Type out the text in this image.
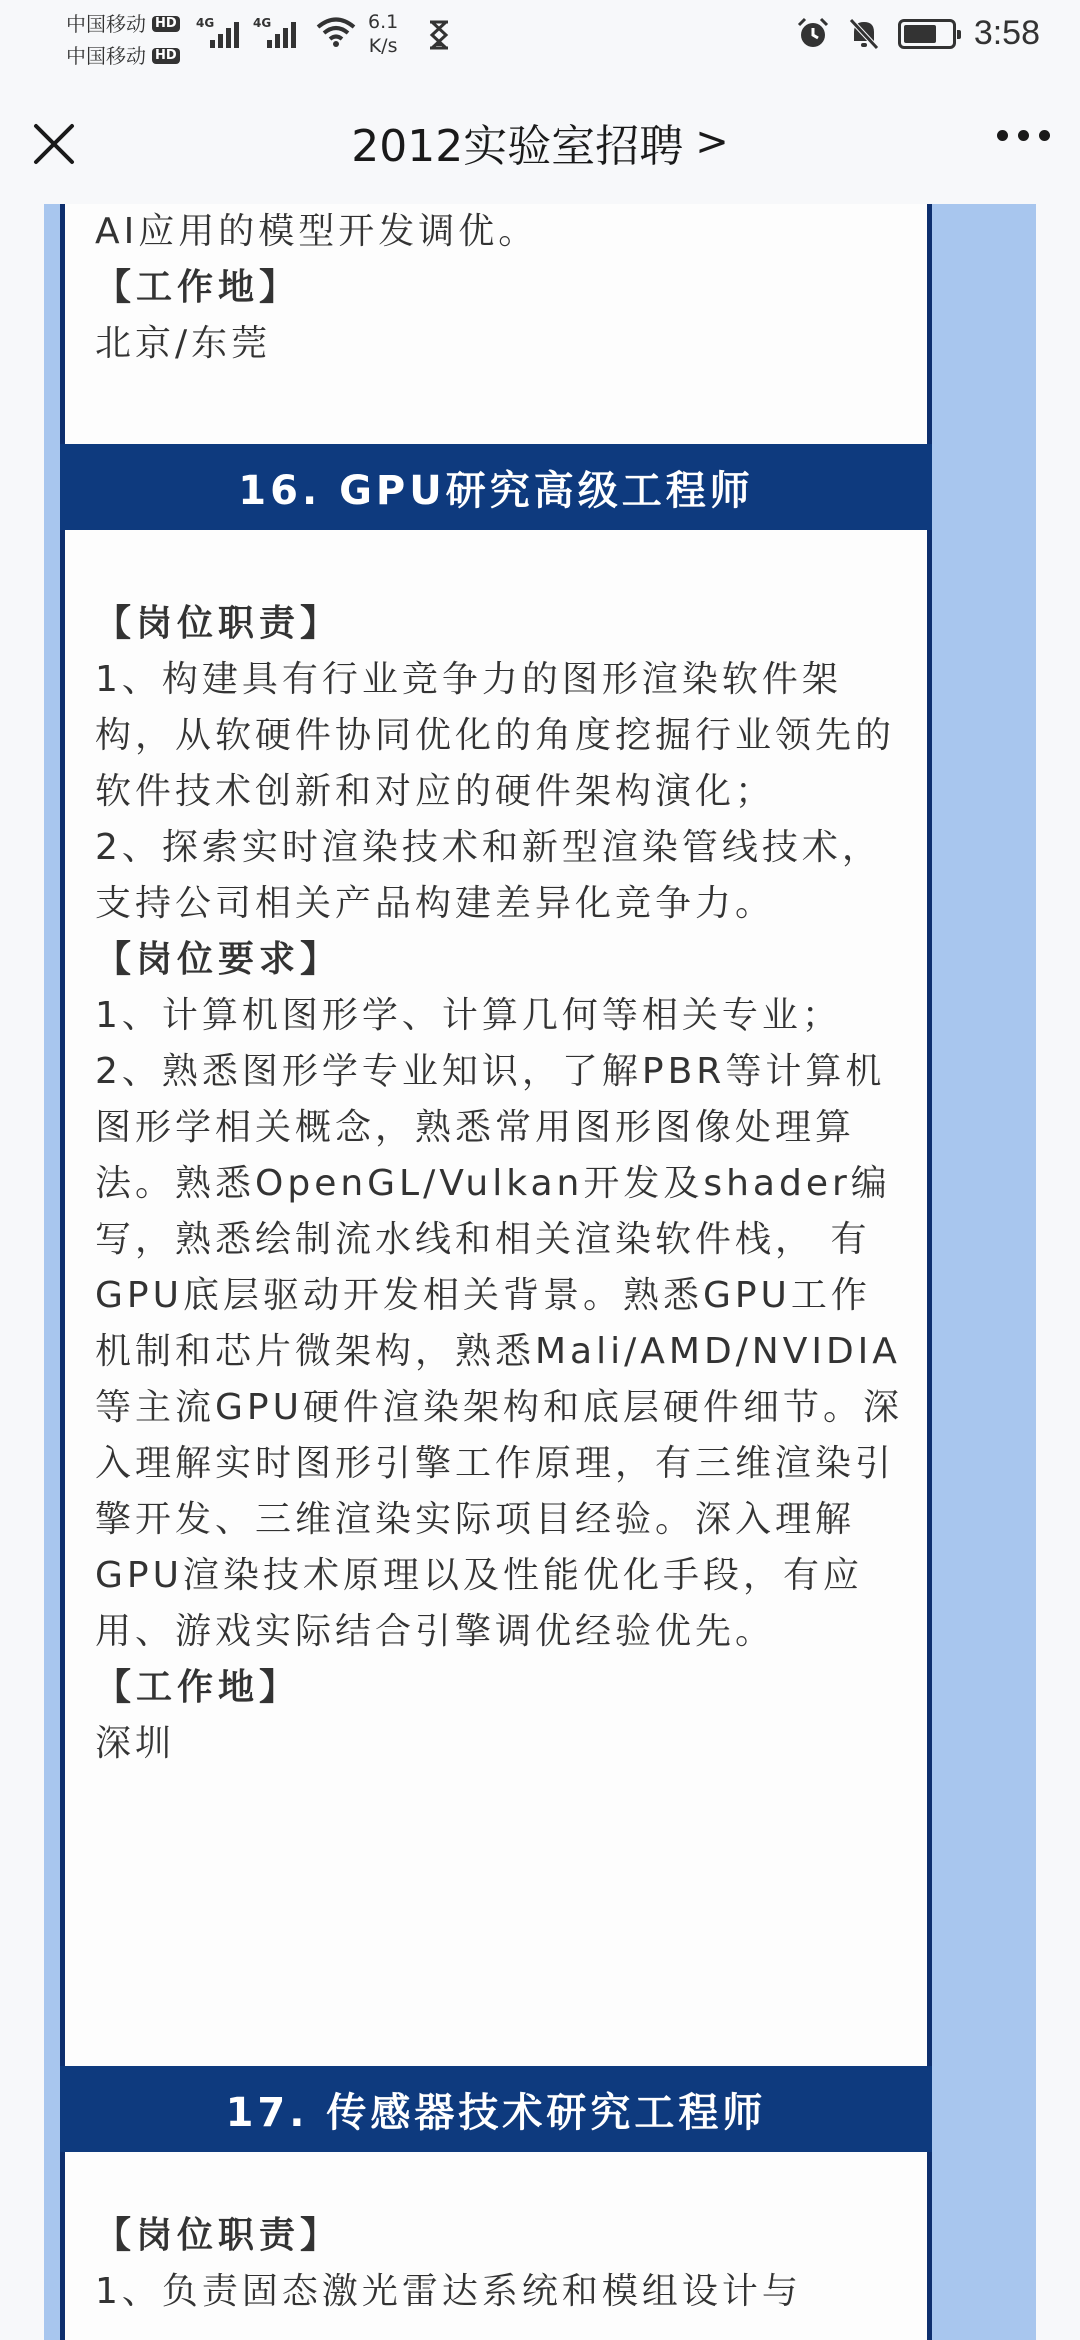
中国移动 HD
中国移动 HD
4G	4G	6.1
K/s	3:58
2012实验室招聘 >
AI应用的模型开发调优。
【工作地】
北京/东莞
16. GPU研究高级工程师
【岗位职责】
1、构建具有行业竞争力的图形渲染软件架构，从软硬件协同优化的角度挖掘行业领先的软件技术创新和对应的硬件架构演化；
2、探索实时渲染技术和新型渲染管线技术，支持公司相关产品构建差异化竞争力。
【岗位要求】
1、计算机图形学、计算几何等相关专业；
2、熟悉图形学专业知识，了解PBR等计算机图形学相关概念，熟悉常用图形图像处理算法。熟悉OpenGL/Vulkan开发及shader编写，熟悉绘制流水线和相关渲染软件栈， 有GPU底层驱动开发相关背景。熟悉GPU工作机制和芯片微架构，熟悉Mali/AMD/NVIDIA等主流GPU硬件渲染架构和底层硬件细节。深入理解实时图形引擎工作原理，有三维渲染引擎开发、三维渲染实际项目经验。深入理解GPU渲染技术原理以及性能优化手段，有应用、游戏实际结合引擎调优经验优先。
【工作地】
深圳
17. 传感器技术研究工程师
【岗位职责】
1、负责固态激光雷达系统和模组设计与
